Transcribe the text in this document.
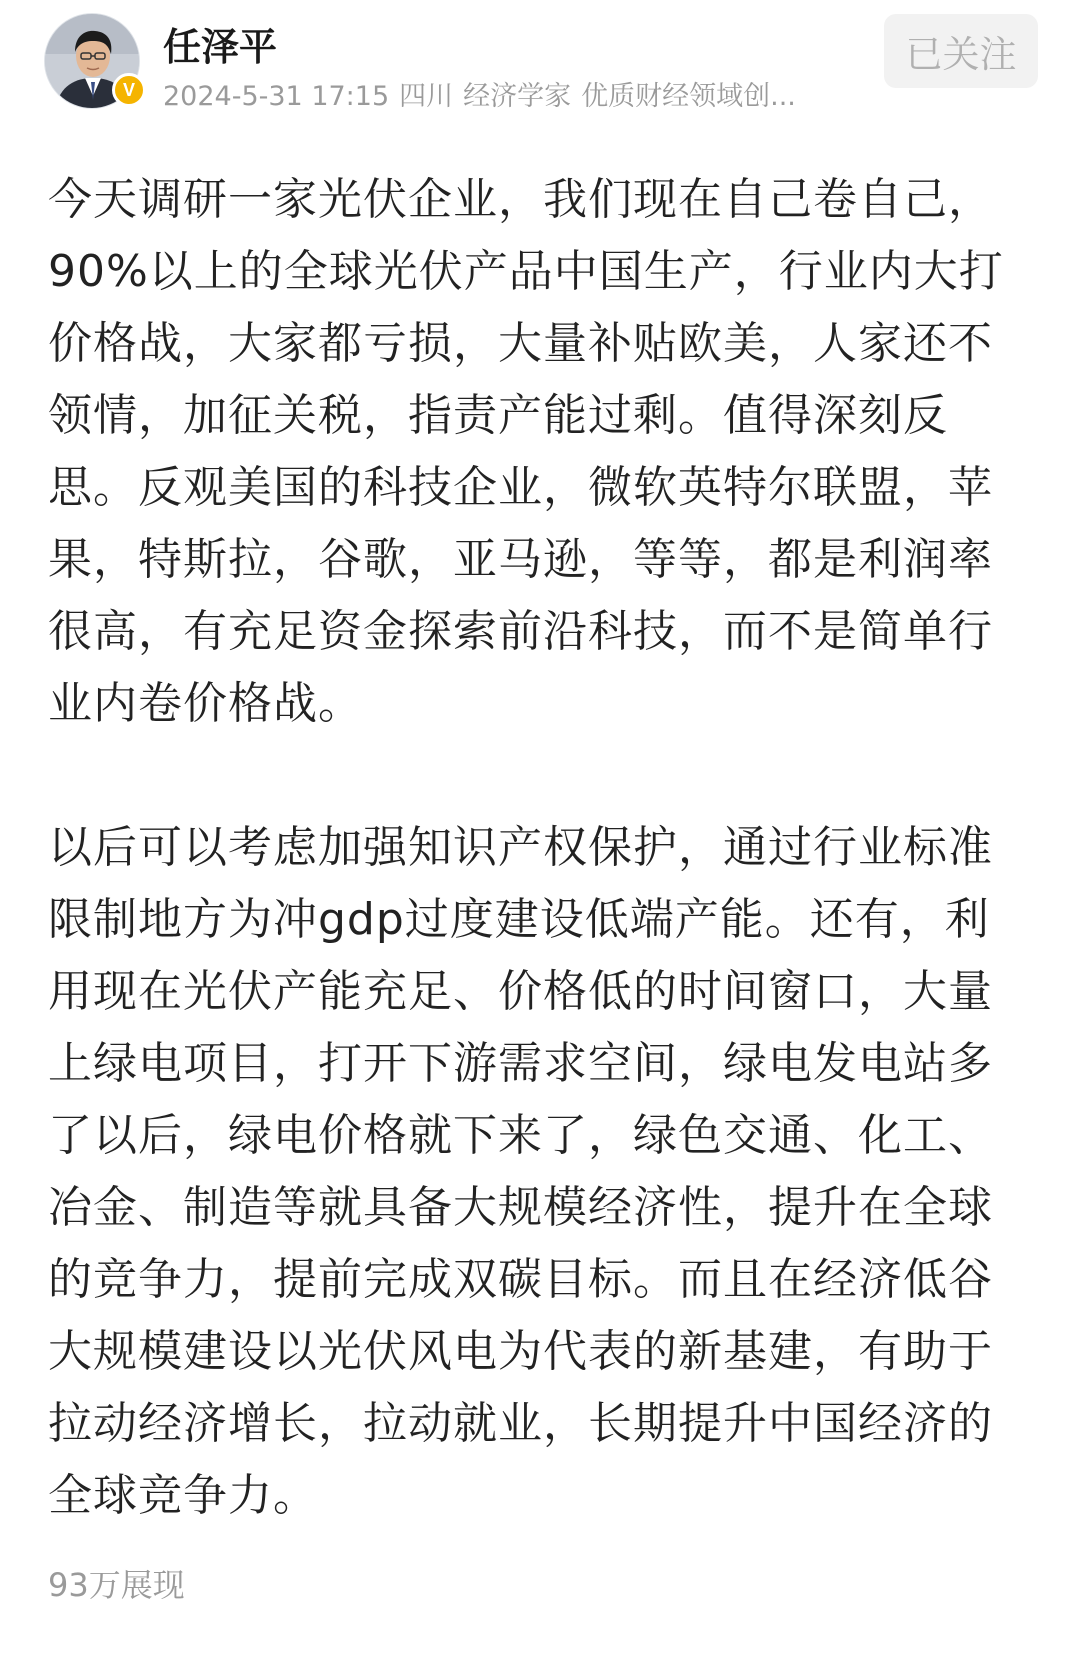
V
任泽平
2024-5-31 17:15 四川 经济学家 优质财经领域创...
已关注

今天调研一家光伏企业，我们现在自己卷自己，90%以上的全球光伏产品中国生产，行业内大打价格战，大家都亏损，大量补贴欧美，人家还不领情，加征关税，指责产能过剩。值得深刻反思。反观美国的科技企业，微软英特尔联盟，苹果，特斯拉，谷歌，亚马逊，等等，都是利润率很高，有充足资金探索前沿科技，而不是简单行业内卷价格战。

以后可以考虑加强知识产权保护，通过行业标准限制地方为冲gdp过度建设低端产能。还有，利用现在光伏产能充足、价格低的时间窗口，大量上绿电项目，打开下游需求空间，绿电发电站多了以后，绿电价格就下来了，绿色交通、化工、冶金、制造等就具备大规模经济性，提升在全球的竞争力，提前完成双碳目标。而且在经济低谷大规模建设以光伏风电为代表的新基建，有助于拉动经济增长，拉动就业，长期提升中国经济的全球竞争力。

93万展现
